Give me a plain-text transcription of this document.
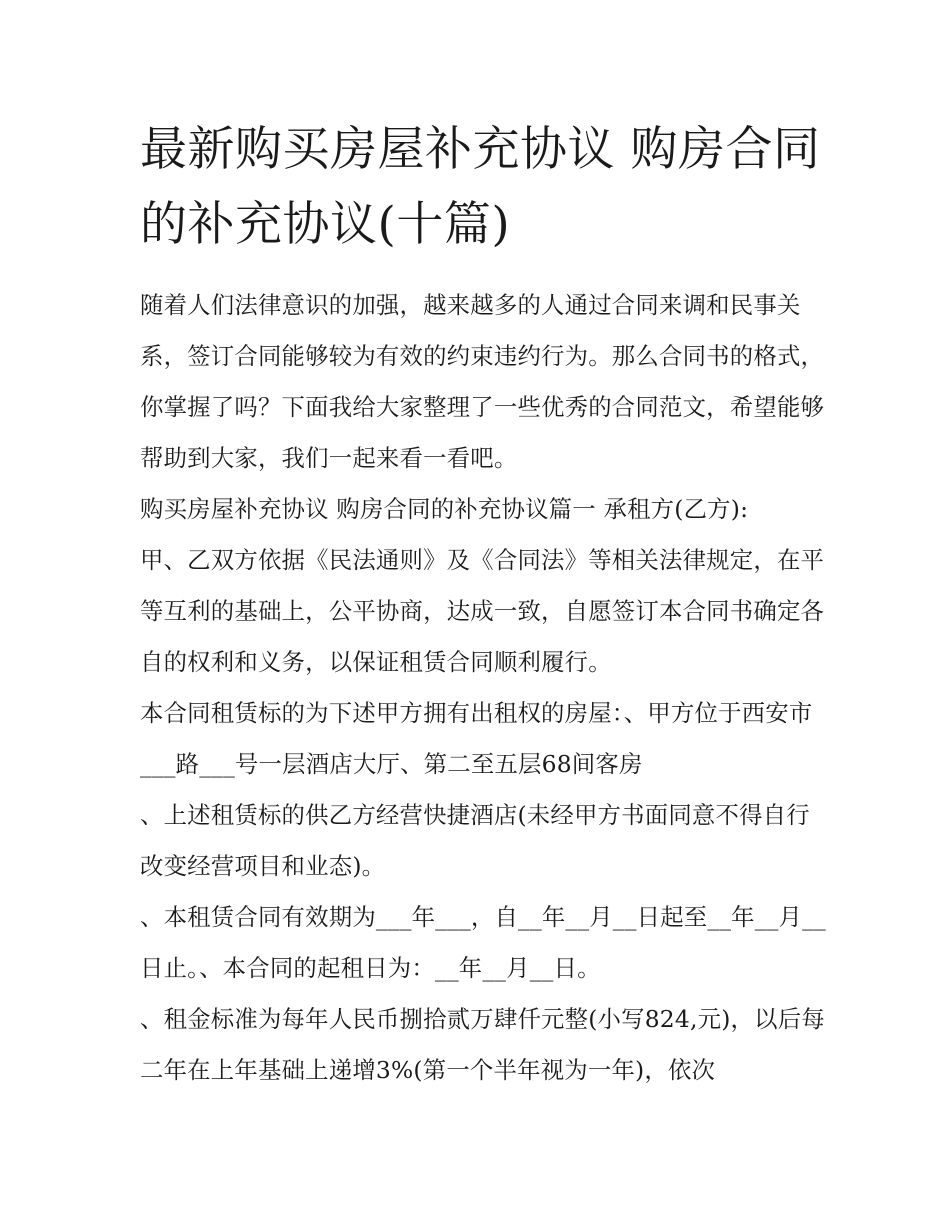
最新购买房屋补充协议 购房合同的补充协议(十篇)

随着人们法律意识的加强，越来越多的人通过合同来调和民事关系，签订合同能够较为有效的约束违约行为。那么合同书的格式，你掌握了吗？下面我给大家整理了一些优秀的合同范文，希望能够帮助到大家，我们一起来看一看吧。

购买房屋补充协议 购房合同的补充协议篇一 承租方(乙方):

甲、乙双方依据《民法通则》及《合同法》等相关法律规定，在平等互利的基础上，公平协商，达成一致，自愿签订本合同书确定各自的权利和义务，以保证租赁合同顺利履行。

本合同租赁标的为下述甲方拥有出租权的房屋：、甲方位于西安市___路___号一层酒店大厅、第二至五层68间客房

、上述租赁标的供乙方经营快捷酒店(未经甲方书面同意不得自行改变经营项目和业态)。

、本租赁合同有效期为___年___，自__年__月__日起至__年__月__日止。、本合同的起租日为：__年__月__日。

、租金标准为每年人民币捌拾贰万肆仟元整(小写824,元)，以后每二年在上年基础上递增3%(第一个半年视为一年)，依次
